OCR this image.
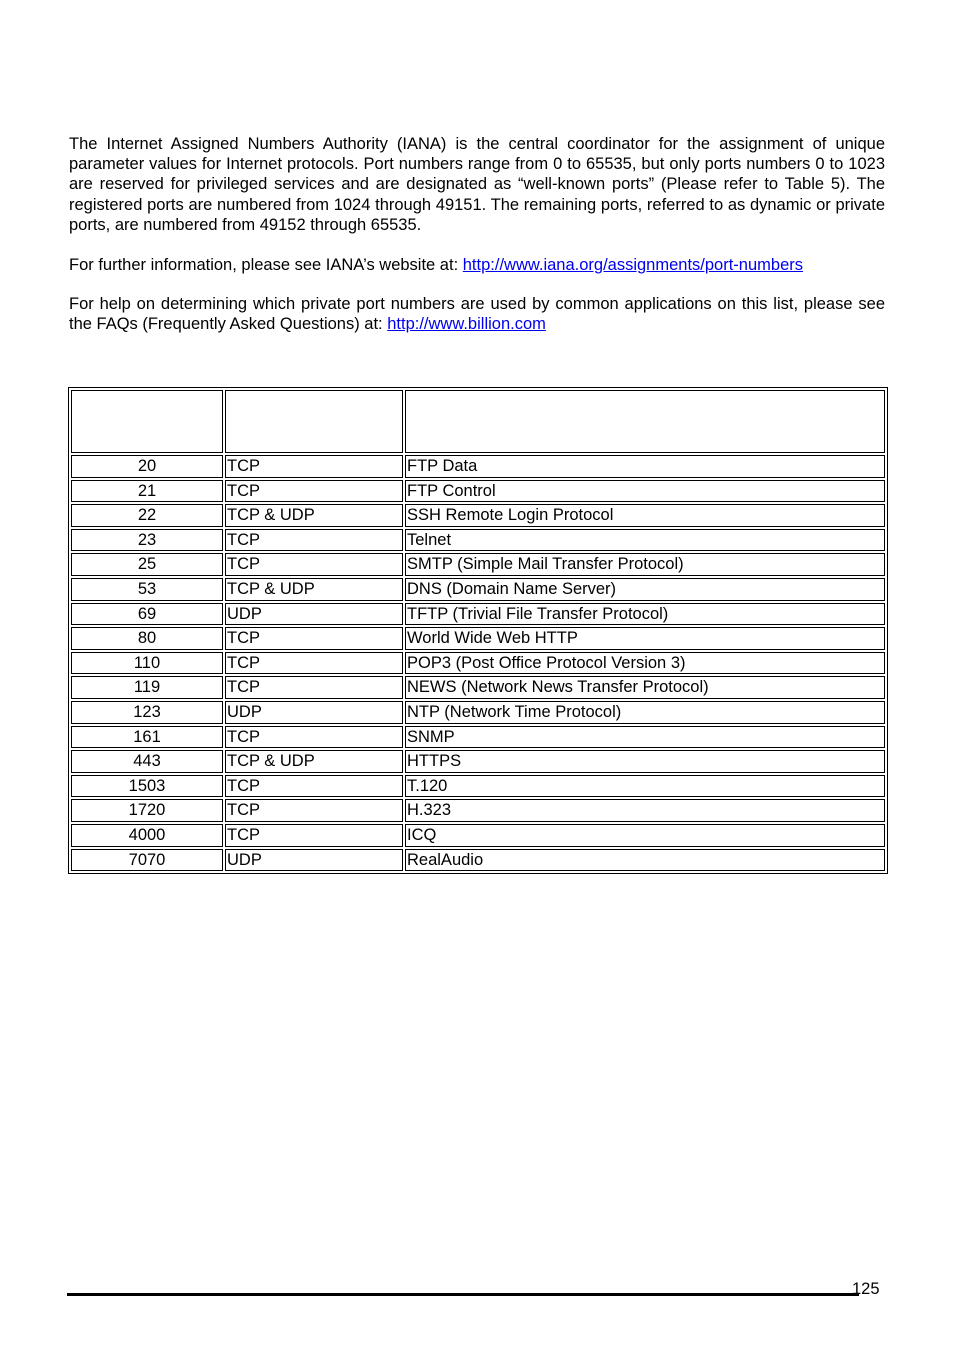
The Internet Assigned Numbers Authority (IANA) is the central coordinator for the assignment of unique parameter values for Internet protocols. Port numbers range from 0 to 65535, but only ports numbers 0 to 1023 are reserved for privileged services and are designated as “well-known ports” (Please refer to Table 5). The registered ports are numbered from 1024 through 49151. The remaining ports, referred to as dynamic or private ports, are numbered from 49152 through 65535.

For further information, please see IANA’s website at: http://www.iana.org/assignments/port-numbers

For help on determining which private port numbers are used by common applications on this list, please see the FAQs (Frequently Asked Questions) at: http://www.billion.com

20	TCP	FTP Data
21	TCP	FTP Control
22	TCP & UDP	SSH Remote Login Protocol
23	TCP	Telnet
25	TCP	SMTP (Simple Mail Transfer Protocol)
53	TCP & UDP	DNS (Domain Name Server)
69	UDP	TFTP (Trivial File Transfer Protocol)
80	TCP	World Wide Web HTTP
110	TCP	POP3 (Post Office Protocol Version 3)
119	TCP	NEWS (Network News Transfer Protocol)
123	UDP	NTP (Network Time Protocol)
161	TCP	SNMP
443	TCP & UDP	HTTPS
1503	TCP	T.120
1720	TCP	H.323
4000	TCP	ICQ
7070	UDP	RealAudio
125
